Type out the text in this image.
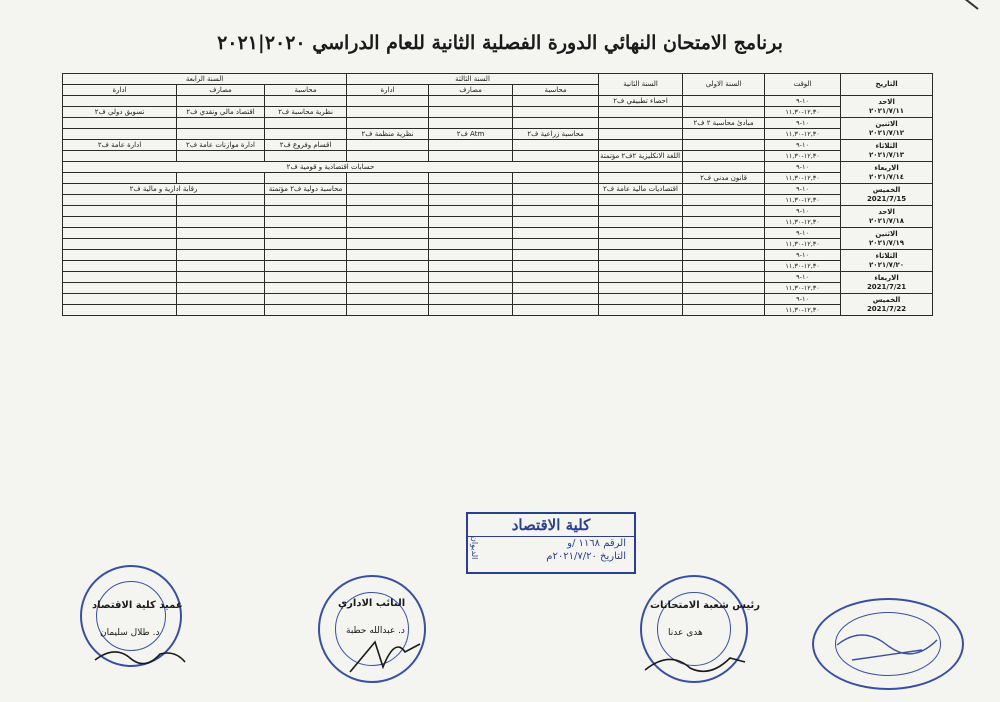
برنامج الامتحان النهائي الدورة الفصلية الثانية للعام الدراسي ٢٠٢٠|٢٠٢١
التاريخ	الوقت	السنة الاولى	السنة الثانية	السنة الثالثة			السنة الرابعة		
				محاسبة	مصارف	ادارة	محاسبة	مصارف	ادارة
الاحد
٢٠٢١/٧/١١	١٠-٩		احصاء تطبيقي ف٢						
	١٢,٣٠-١١,٣٠						نظرية محاسبة ف٢	اقتصاد مالي ونقدي ف٢	تسويق دولي ف٢
الاثنين
٢٠٢١/٧/١٢	١٠-٩	مبادئ محاسبة ٢ ف٢							
	١٢,٣٠-١١,٣٠			محاسبة زراعية ف٢	Atm ف٢	نظرية منظمة ف٢			
الثلاثاء
٢٠٢١/٧/١٣	١٠-٩						اقسام وفروع ف٢	ادارة موازنات عامة ف٢	ادارة عامة ف٢
	١٢,٣٠-١١,٣٠		اللغة الانكليزية ٢ف٢ مؤتمتة						
الاربعاء
٢٠٢١/٧/١٤	١٠-٩			حسابات اقتصادية و قومية ف٢					
	١٢,٣٠-١١,٣٠	قانون مدني ف٢							
الخميس
2021/7/15	١٠-٩		اقتصاديات مالية عامة ف٢				محاسبة دولية ف٢ مؤتمتة	رقابة ادارية و مالية ف٢	
	١٢,٣٠-١١,٣٠								
الاحد
٢٠٢١/٧/١٨	١٠-٩								
	١٢,٣٠-١١,٣٠								
الاثنين
٢٠٢١/٧/١٩	١٠-٩								
	١٢,٣٠-١١,٣٠								
الثلاثاء
٢٠٢١/٧/٢٠	١٠-٩								
	١٢,٣٠-١١,٣٠								
الاربعاء
2021/7/21	١٠-٩								
	١٢,٣٠-١١,٣٠								
الخميس
2021/7/22	١٠-٩								
	١٢,٣٠-١١,٣٠								
كلية الاقتصاد
الرقم ١١٦٨ /و
التاريخ ٢٠٢١/٧/٢٠م
الديوان
عميد كلية الاقتصاد
د. طلال سليمان
النائب الاداري
د. عبدالله حطبة
رئيس شعبة الامتحانات
هدى عدنا
